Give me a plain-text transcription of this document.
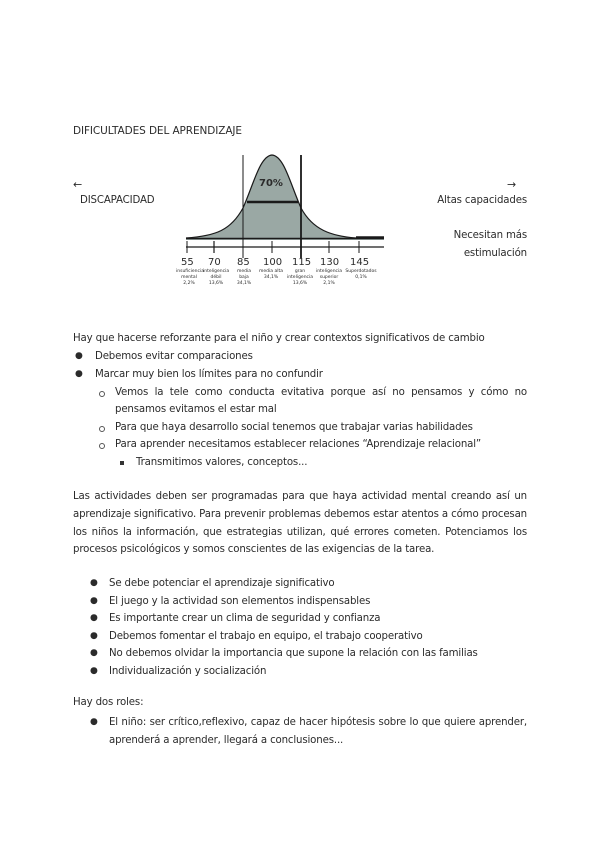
DIFICULTADES DEL APRENDIZAJE
←
DISCAPACIDAD
→
Altas capacidades
Necesitan más
estimulación
70%
55 70 85 100 115 130 145
insuficiencia mental
2,2%
inteligencia débil
13,6%
media baja
34,1%
media alta
34,1%
gran inteligencia
13,6%
inteligencia superior
2,1%
Superdotados
0,1%
Hay que hacerse reforzante para el niño y crear contextos significativos de cambio
● Debemos evitar comparaciones
● Marcar muy bien los límites para no confundir
Vemos la tele como conducta evitativa porque así no pensamos y cómo no
pensamos evitamos el estar mal
Para que haya desarrollo social tenemos que trabajar varias habilidades
Para aprender necesitamos establecer relaciones “Aprendizaje relacional”
Transmitimos valores, conceptos...
Las actividades deben ser programadas para que haya actividad mental creando así un
aprendizaje significativo. Para prevenir problemas debemos estar atentos a cómo procesan
los niños la información, que estrategias utilizan, qué errores cometen. Potenciamos los
procesos psicológicos y somos conscientes de las exigencias de la tarea.
● Se debe potenciar el aprendizaje significativo
● El juego y la actividad son elementos indispensables
● Es importante crear un clima de seguridad y confianza
● Debemos fomentar el trabajo en equipo, el trabajo cooperativo
● No debemos olvidar la importancia que supone la relación con las familias
● Individualización y socialización
Hay dos roles:
● El niño: ser crítico,reflexivo, capaz de hacer hipótesis sobre lo que quiere aprender,
aprenderá a aprender, llegará a conclusiones...
